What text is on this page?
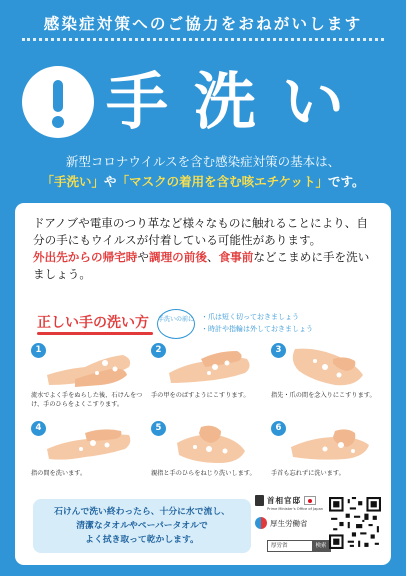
感染症対策へのご協力をおねがいします
手洗い
新型コロナウイルスを含む感染症対策の基本は、
「手洗い」や「マスクの着用を含む咳エチケット」です。
ドアノブや電車のつり革など様々なものに触れることにより、自分の手にもウイルスが付着している可能性があります。
外出先からの帰宅時や調理の前後、食事前などこまめに手を洗いましょう。
正しい手の洗い方 手洗いの前に ・爪は短く切っておきましょう
・時計や指輪は外しておきましょう
1
流水でよく手をぬらした後、石けんをつけ、手のひらをよくこすります。
2
手の甲をのばすようにこすります。
3
指先・爪の間を念入りにこすります。
4
指の間を洗います。
5
親指と手のひらをねじり洗いします。
6
手首も忘れずに洗います。
石けんで洗い終わったら、十分に水で流し、
清潔なタオルやペーパータオルで
よく拭き取って乾かします。
首相官邸
Prime Minister's Office of Japan
厚生労働省
厚労省	検索
